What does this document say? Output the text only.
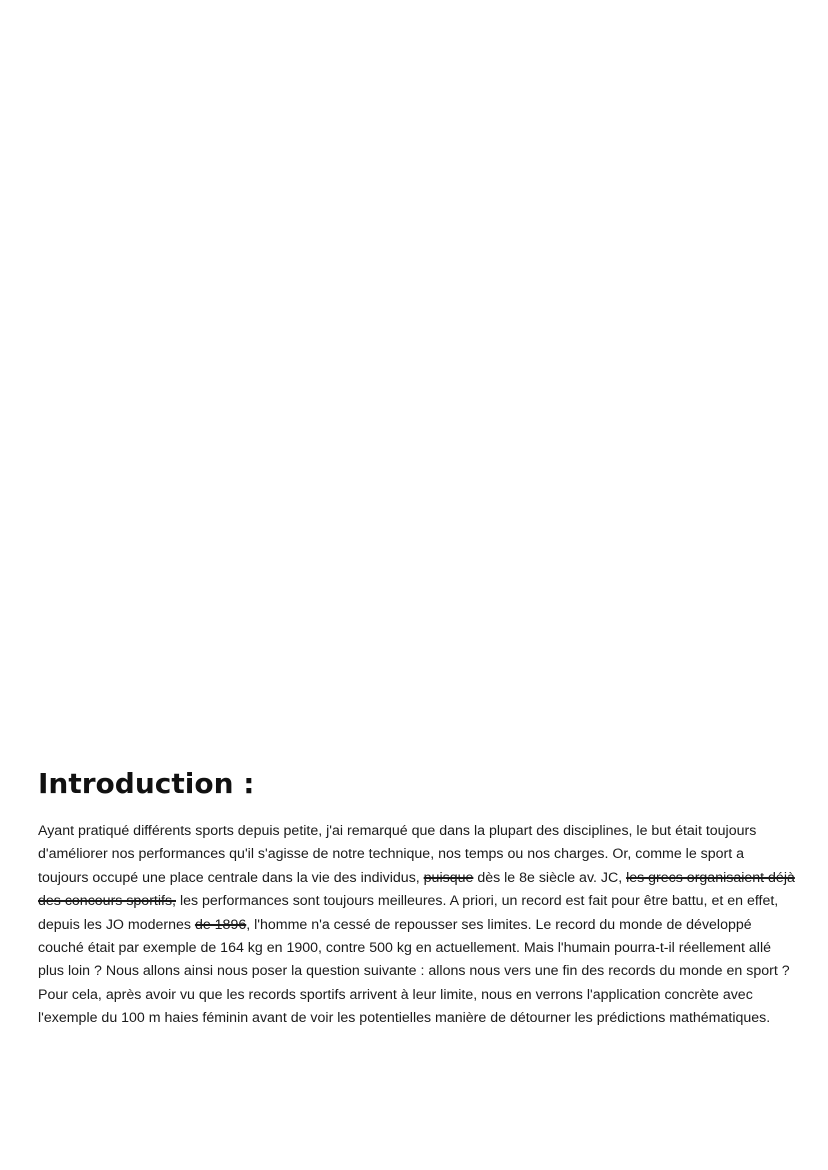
Introduction :
Ayant pratiqué différents sports depuis petite, j'ai remarqué que dans la plupart des disciplines, le but était toujours
d'améliorer nos performances qu'il s'agisse de notre technique, nos temps ou nos charges. Or, comme le sport a
toujours occupé une place centrale dans la vie des individus, puisque dès le 8e siècle av. JC, les grecs organisaient déjà
des concours sportifs, les performances sont toujours meilleures. A priori, un record est fait pour être battu, et en effet,
depuis les JO modernes de 1896, l'homme n'a cessé de repousser ses limites. Le record du monde de développé
couché était par exemple de 164 kg en 1900, contre 500 kg en actuellement. Mais l'humain pourra-t-il réellement allé
plus loin ? Nous allons ainsi nous poser la question suivante : allons nous vers une fin des records du monde en sport ?
Pour cela, après avoir vu que les records sportifs arrivent à leur limite, nous en verrons l'application concrète avec
l'exemple du 100 m haies féminin avant de voir les potentielles manière de détourner les prédictions mathématiques.
